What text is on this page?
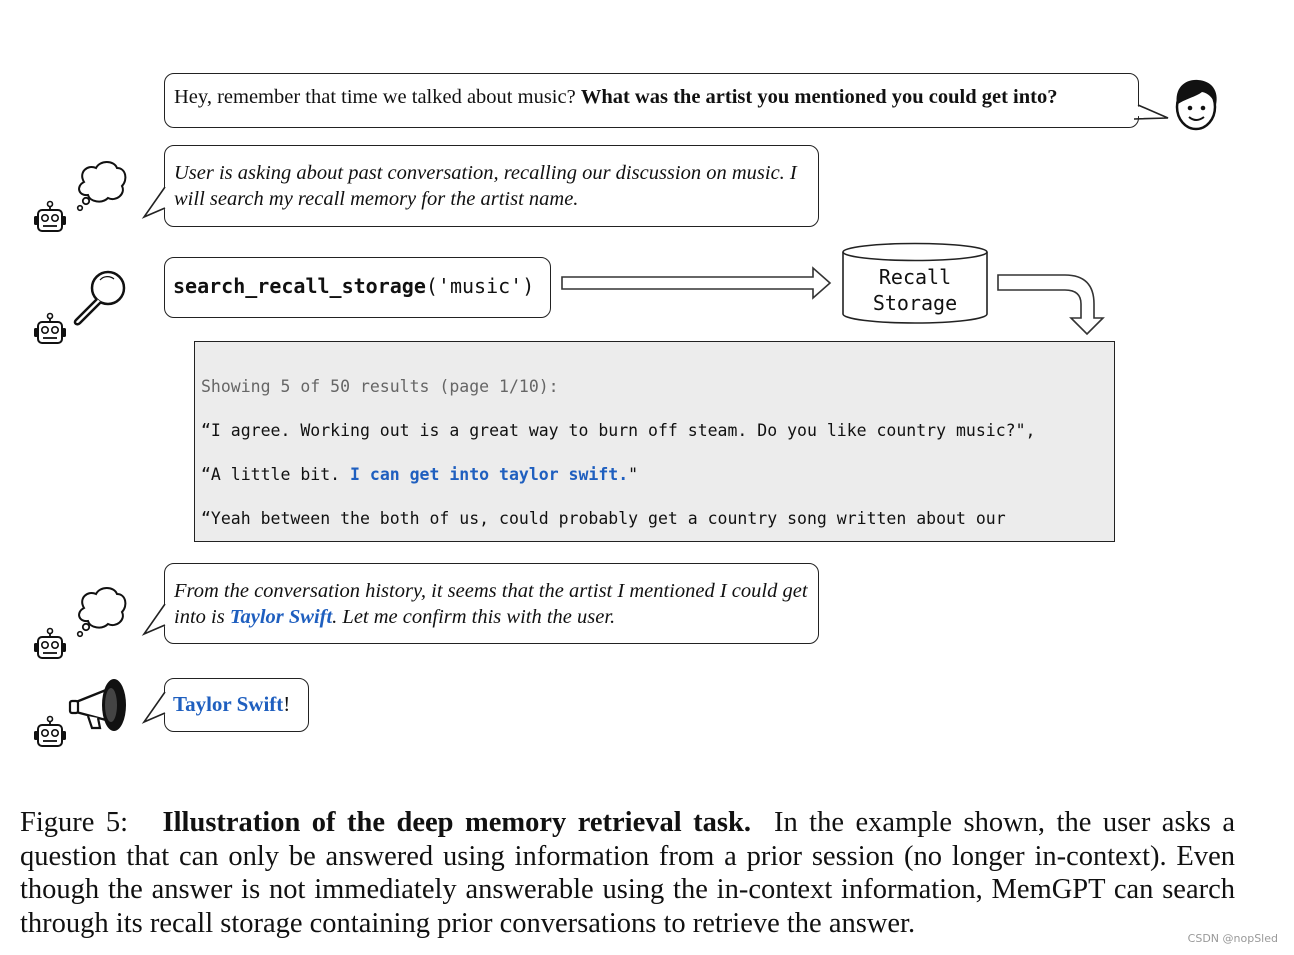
Hey, remember that time we talked about music? What was the artist you mentioned you could get into?
User is asking about past conversation, recalling our discussion on music. I will search my recall memory for the artist name.
search_recall_storage('music')	Recall
Storage

Showing 5 of 50 results (page 1/10):

“I agree. Working out is a great way to burn off steam. Do you like country music?",

“A little bit. I can get into taylor swift."

“Yeah between the both of us, could probably get a country song written about our

From the conversation history, it seems that the artist I mentioned I could get into is Taylor Swift. Let me confirm this with the user.
Taylor Swift!
Figure 5: Illustration of the deep memory retrieval task. In the example shown, the user asks a question that can only be answered using information from a prior session (no longer in-context). Even though the answer is not immediately answerable using the in-context information, MemGPT can search through its recall storage containing prior conversations to retrieve the answer.	CSDN @nopSled
